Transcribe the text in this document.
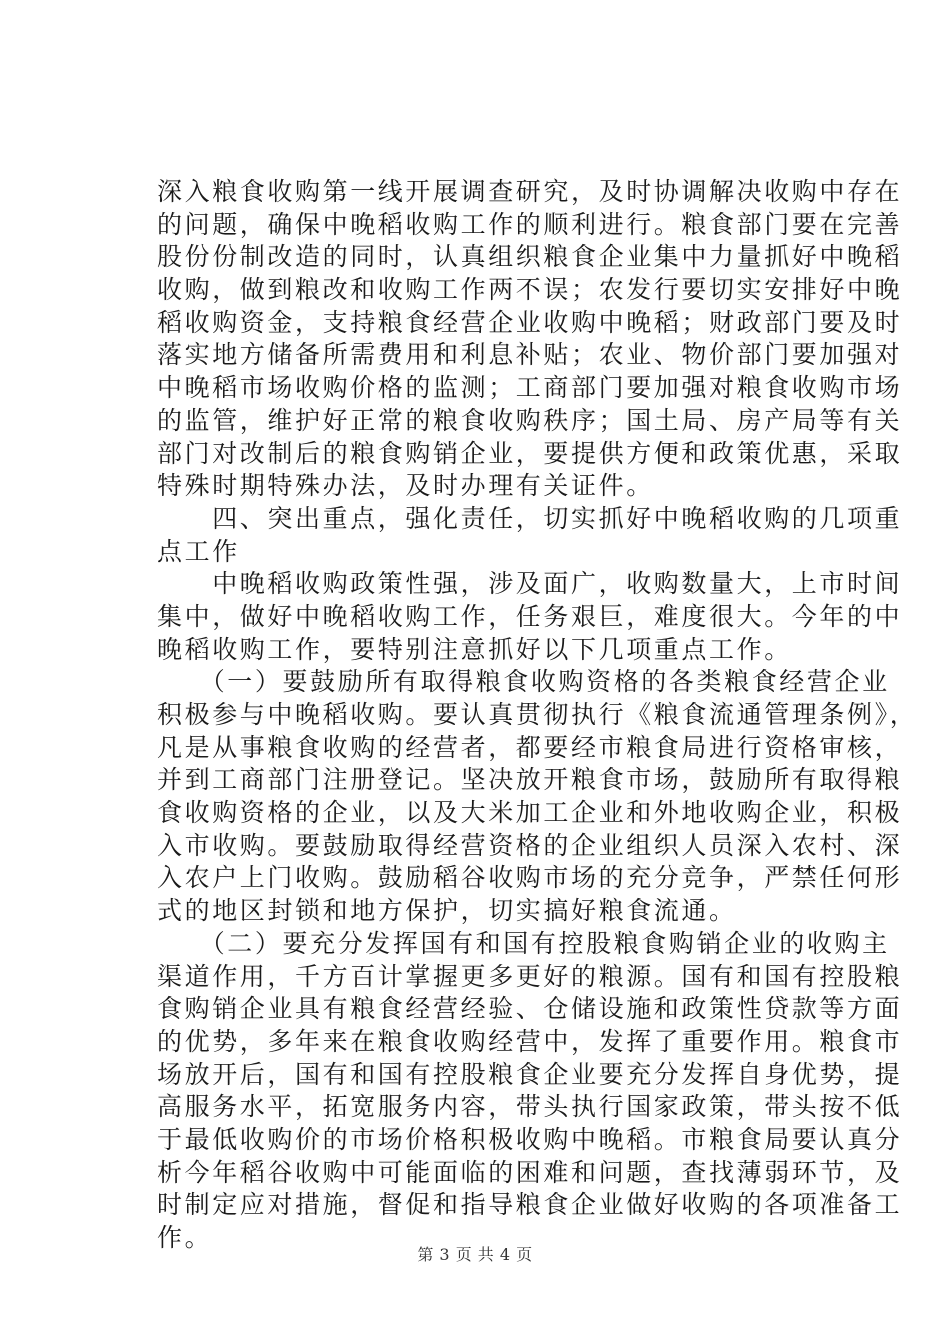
深入粮食收购第一线开展调查研究，及时协调解决收购中存在
的问题，确保中晚稻收购工作的顺利进行。粮食部门要在完善
股份份制改造的同时，认真组织粮食企业集中力量抓好中晚稻
收购，做到粮改和收购工作两不误；农发行要切实安排好中晚
稻收购资金，支持粮食经营企业收购中晚稻；财政部门要及时
落实地方储备所需费用和利息补贴；农业、物价部门要加强对
中晚稻市场收购价格的监测；工商部门要加强对粮食收购市场
的监管，维护好正常的粮食收购秩序；国土局、房产局等有关
部门对改制后的粮食购销企业，要提供方便和政策优惠，采取
特殊时期特殊办法，及时办理有关证件。
　　四、突出重点，强化责任，切实抓好中晚稻收购的几项重
点工作
　　中晚稻收购政策性强，涉及面广，收购数量大，上市时间
集中，做好中晚稻收购工作，任务艰巨，难度很大。今年的中
晚稻收购工作，要特别注意抓好以下几项重点工作。
　　（一）要鼓励所有取得粮食收购资格的各类粮食经营企业
积极参与中晚稻收购。要认真贯彻执行《粮食流通管理条例》，
凡是从事粮食收购的经营者，都要经市粮食局进行资格审核，
并到工商部门注册登记。坚决放开粮食市场，鼓励所有取得粮
食收购资格的企业，以及大米加工企业和外地收购企业，积极
入市收购。要鼓励取得经营资格的企业组织人员深入农村、深
入农户上门收购。鼓励稻谷收购市场的充分竞争，严禁任何形
式的地区封锁和地方保护，切实搞好粮食流通。
　　（二）要充分发挥国有和国有控股粮食购销企业的收购主
渠道作用，千方百计掌握更多更好的粮源。国有和国有控股粮
食购销企业具有粮食经营经验、仓储设施和政策性贷款等方面
的优势，多年来在粮食收购经营中，发挥了重要作用。粮食市
场放开后，国有和国有控股粮食企业要充分发挥自身优势，提
高服务水平，拓宽服务内容，带头执行国家政策，带头按不低
于最低收购价的市场价格积极收购中晚稻。市粮食局要认真分
析今年稻谷收购中可能面临的困难和问题，查找薄弱环节，及
时制定应对措施，督促和指导粮食企业做好收购的各项准备工
作。
第 3 页 共 4 页
